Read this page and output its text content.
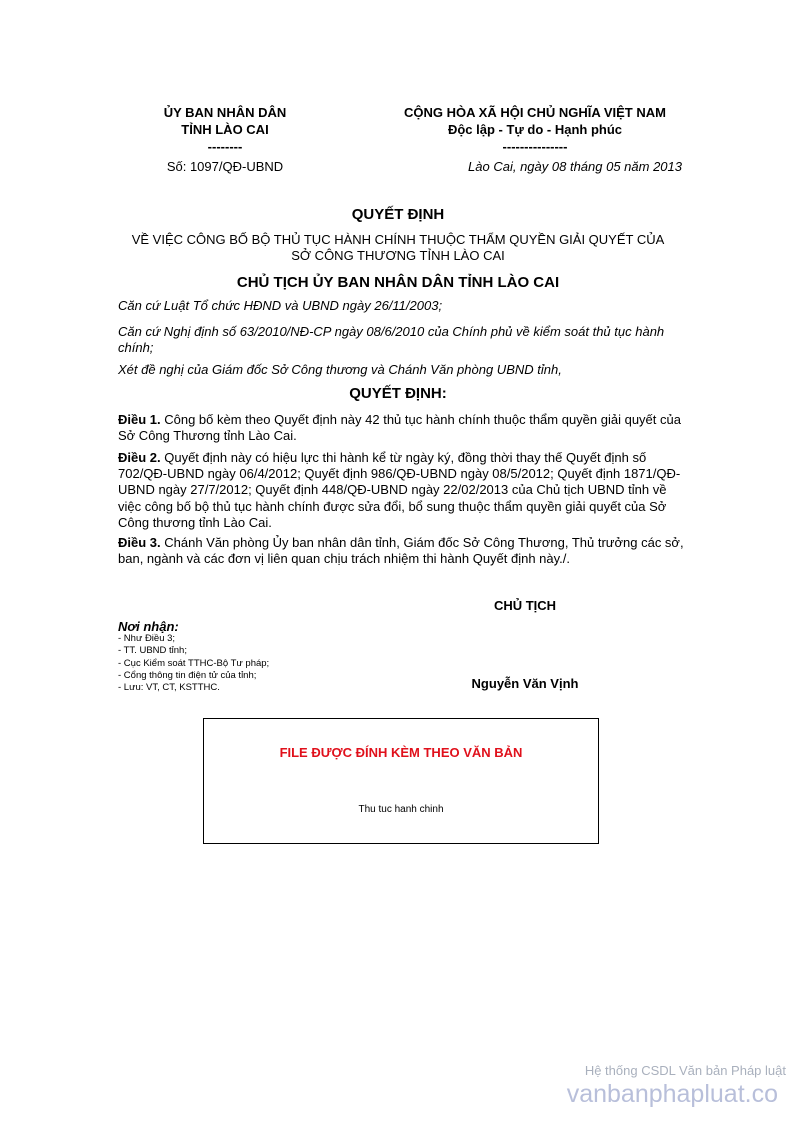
ỦY BAN NHÂN DÂN
TỈNH LÀO CAI
--------
CỘNG HÒA XÃ HỘI CHỦ NGHĨA VIỆT NAM
Độc lập - Tự do - Hạnh phúc
---------------
Số: 1097/QĐ-UBND	Lào Cai, ngày 08 tháng 05 năm 2013
QUYẾT ĐỊNH
VỀ VIỆC CÔNG BỐ BỘ THỦ TỤC HÀNH CHÍNH THUỘC THẨM QUYỀN GIẢI QUYẾT CỦA
SỞ CÔNG THƯƠNG TỈNH LÀO CAI
CHỦ TỊCH ỦY BAN NHÂN DÂN TỈNH LÀO CAI
Căn cứ Luật Tổ chức HĐND và UBND ngày 26/11/2003;
Căn cứ Nghị định số 63/2010/NĐ-CP ngày 08/6/2010 của Chính phủ về kiểm soát thủ tục hành chính;
Xét đề nghị của Giám đốc Sở Công thương và Chánh Văn phòng UBND tỉnh,
QUYẾT ĐỊNH:
Điều 1. Công bố kèm theo Quyết định này 42 thủ tục hành chính thuộc thẩm quyền giải quyết của Sở Công Thương tỉnh Lào Cai.
Điều 2. Quyết định này có hiệu lực thi hành kể từ ngày ký, đồng thời thay thế Quyết định số 702/QĐ-UBND ngày 06/4/2012; Quyết định 986/QĐ-UBND ngày 08/5/2012; Quyết định 1871/QĐ-UBND ngày 27/7/2012; Quyết định 448/QĐ-UBND ngày 22/02/2013 của Chủ tịch UBND tỉnh về việc công bố bộ thủ tục hành chính được sửa đổi, bổ sung thuộc thẩm quyền giải quyết của Sở Công thương tỉnh Lào Cai.
Điều 3. Chánh Văn phòng Ủy ban nhân dân tỉnh, Giám đốc Sở Công Thương, Thủ trưởng các sở, ban, ngành và các đơn vị liên quan chịu trách nhiệm thi hành Quyết định này./.
CHỦ TỊCH
Nguyễn Văn Vịnh
Nơi nhận:
- Như Điều 3;
- TT. UBND tỉnh;
- Cục Kiểm soát TTHC-Bộ Tư pháp;
- Cổng thông tin điện tử của tỉnh;
- Lưu: VT, CT, KSTTHC.
FILE ĐƯỢC ĐÍNH KÈM THEO VĂN BẢN
Thu tuc hanh chinh
Hệ thống CSDL Văn bản Pháp luật
vanbanphapluat.co
